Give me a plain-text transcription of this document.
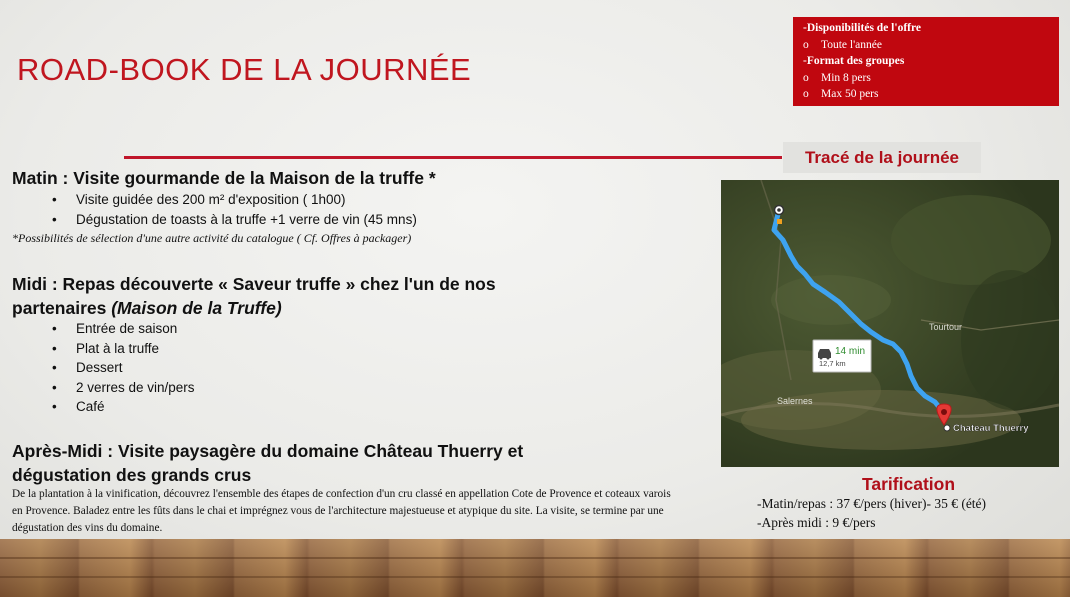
ROAD-BOOK DE LA JOURNÉE
-Disponibilités de l'offre
o Toute l'année
-Format des groupes
o Min 8 pers
o Max 50 pers
Tracé de la journée
Tourtour
Salernes
Chateau Thuerry
14 min
12,7 km
Matin : Visite gourmande de la Maison de la truffe *
• Visite guidée des 200 m² d'exposition ( 1h00)
• Dégustation de toasts à la truffe +1 verre de vin (45 mns)
*Possibilités de sélection d'une autre activité du catalogue ( Cf. Offres à packager)
Midi : Repas découverte « Saveur truffe » chez l'un de nos
partenaires (Maison de la Truffe)
• Entrée de saison
• Plat à la truffe
• Dessert
• 2 verres de vin/pers
• Café
Après-Midi : Visite paysagère du domaine Château Thuerry et
dégustation des grands crus
De la plantation à la vinification, découvrez l'ensemble des étapes de confection d'un cru classé en appellation Cote de Provence et coteaux varois en Provence. Baladez entre les fûts dans le chai et imprégnez vous de l'architecture majestueuse et atypique du site. La visite, se termine par une dégustation des vins du domaine.
Tarification
-Matin/repas : 37 €/pers (hiver)- 35 € (été)
-Après midi : 9 €/pers
